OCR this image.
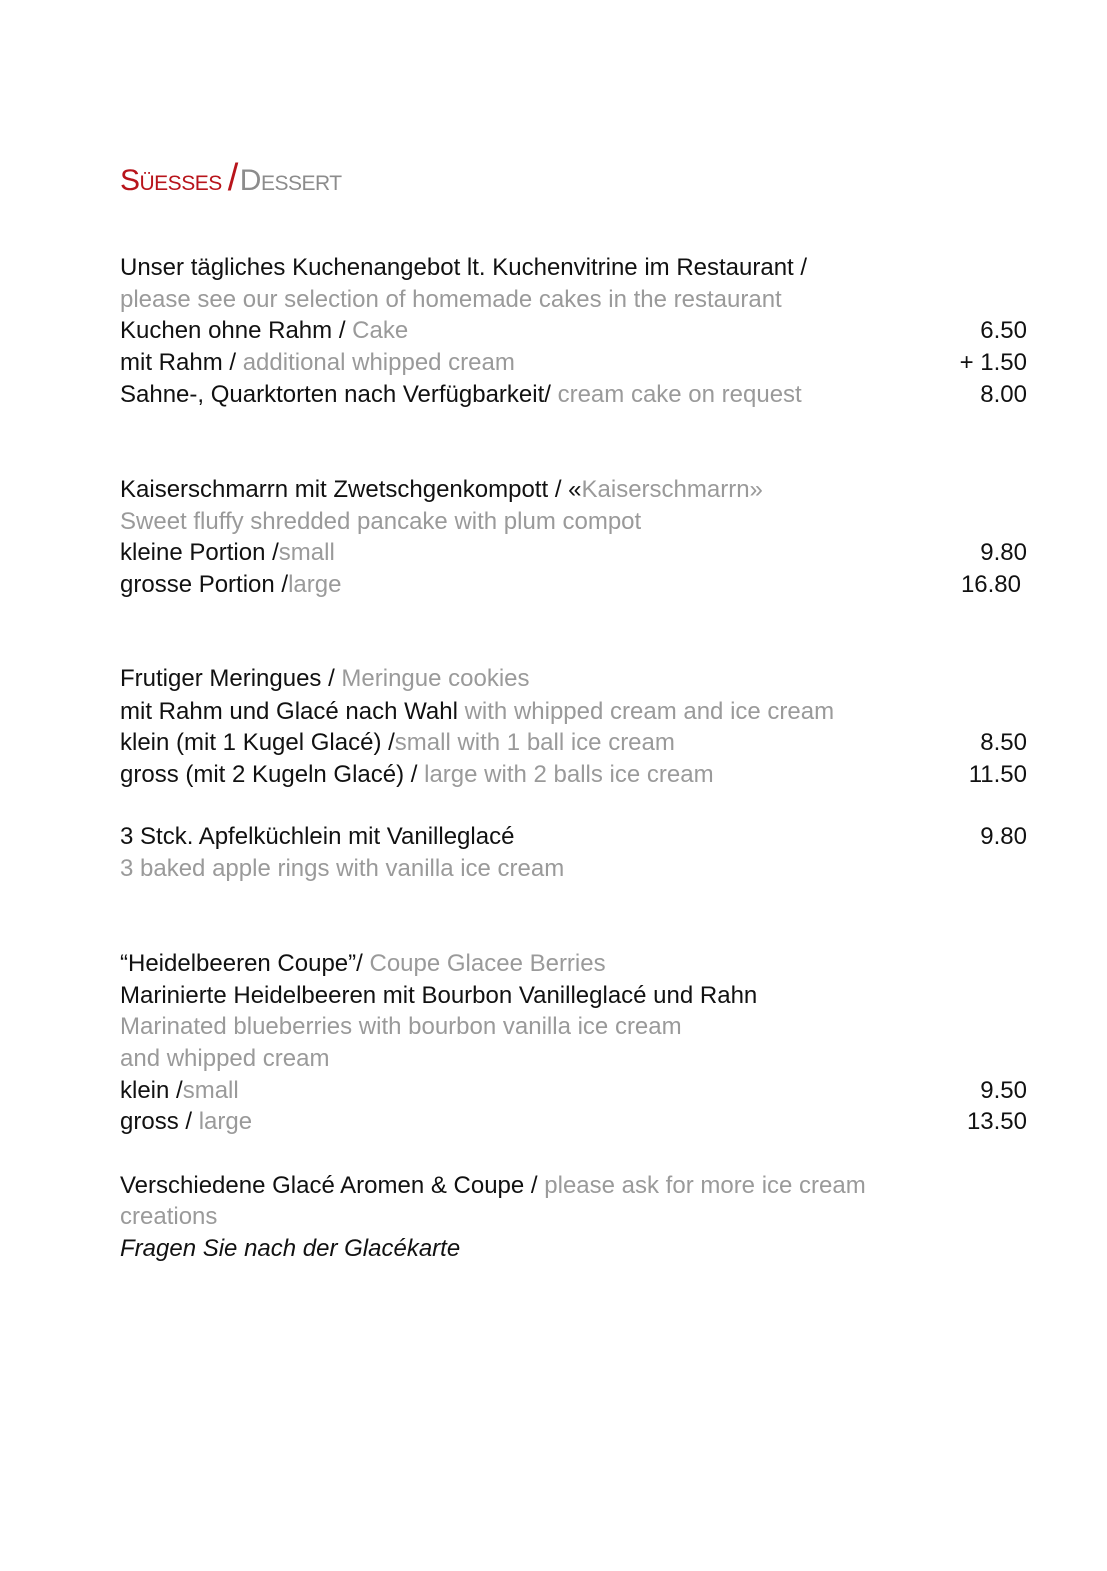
Süesses /Dessert
Unser tägliches Kuchenangebot lt. Kuchenvitrine im Restaurant /
please see our selection of homemade cakes in the restaurant
Kuchen ohne Rahm / Cake	6.50
mit Rahm / additional whipped cream	+ 1.50
Sahne-, Quarktorten nach Verfügbarkeit/ cream cake on request	8.00
Kaiserschmarrn mit Zwetschgenkompott / «Kaiserschmarrn»
Sweet fluffy shredded pancake with plum compot
kleine Portion /small	9.80
grosse Portion /large	16.80
Frutiger Meringues / Meringue cookies
mit Rahm und Glacé nach Wahl with whipped cream and ice cream
klein (mit 1 Kugel Glacé) /small with 1 ball ice cream	8.50
gross (mit 2 Kugeln Glacé) / large with 2 balls ice cream	11.50
3 Stck. Apfelküchlein mit Vanilleglacé	9.80
3 baked apple rings with vanilla ice cream
“Heidelbeeren Coupe”/ Coupe Glacee Berries
Marinierte Heidelbeeren mit Bourbon Vanilleglacé und Rahn
Marinated blueberries with bourbon vanilla ice cream
and whipped cream
klein /small	9.50
gross / large	13.50
Verschiedene Glacé Aromen & Coupe / please ask for more ice cream
creations
Fragen Sie nach der Glacékarte
